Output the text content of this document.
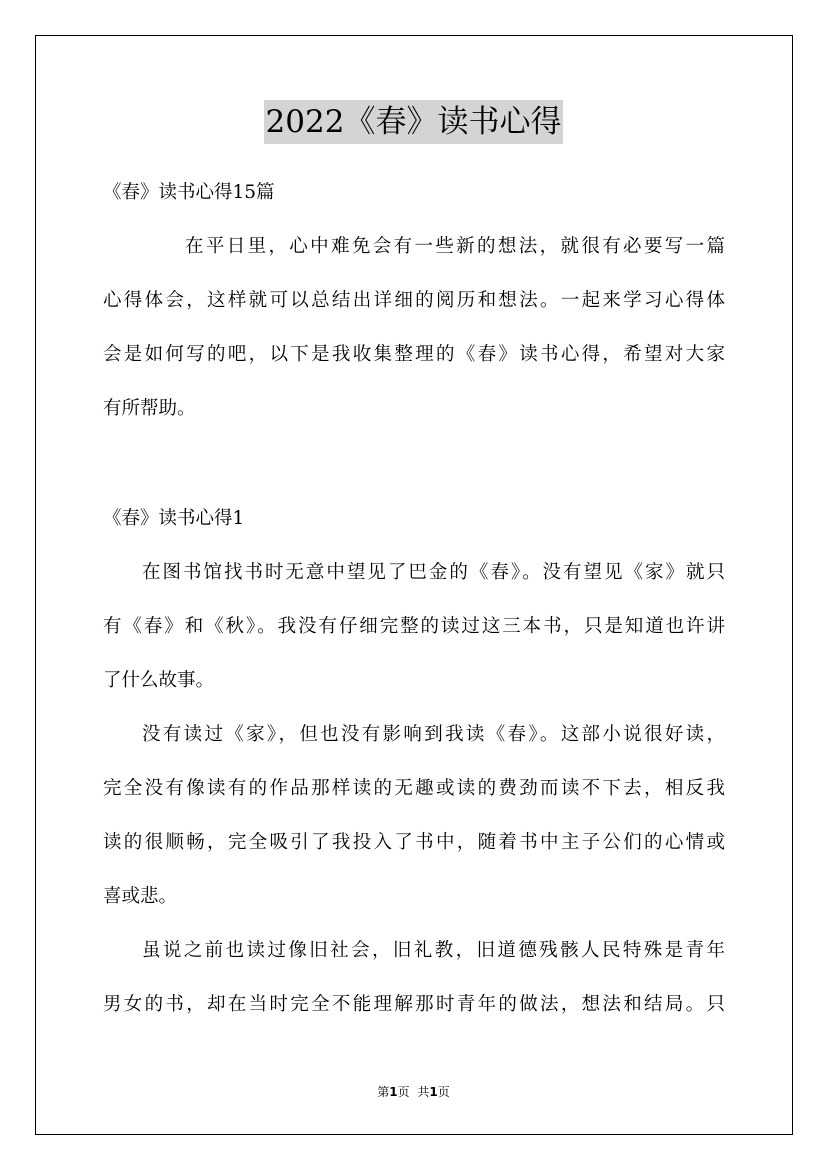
2022《春》读书心得
《春》读书心得15篇
在平日里，心中难免会有一些新的想法，就很有必要写一篇
心得体会，这样就可以总结出详细的阅历和想法。一起来学习心得体
会是如何写的吧，以下是我收集整理的《春》读书心得，希望对大家
有所帮助。
《春》读书心得1
在图书馆找书时无意中望见了巴金的《春》。没有望见《家》就只
有《春》和《秋》。我没有仔细完整的读过这三本书，只是知道也许讲
了什么故事。
没有读过《家》，但也没有影响到我读《春》。这部小说很好读，
完全没有像读有的作品那样读的无趣或读的费劲而读不下去，相反我
读的很顺畅，完全吸引了我投入了书中，随着书中主子公们的心情或
喜或悲。
虽说之前也读过像旧社会，旧礼教，旧道德残骸人民特殊是青年
男女的书，却在当时完全不能理解那时青年的做法，想法和结局。只
第1页 共1页
